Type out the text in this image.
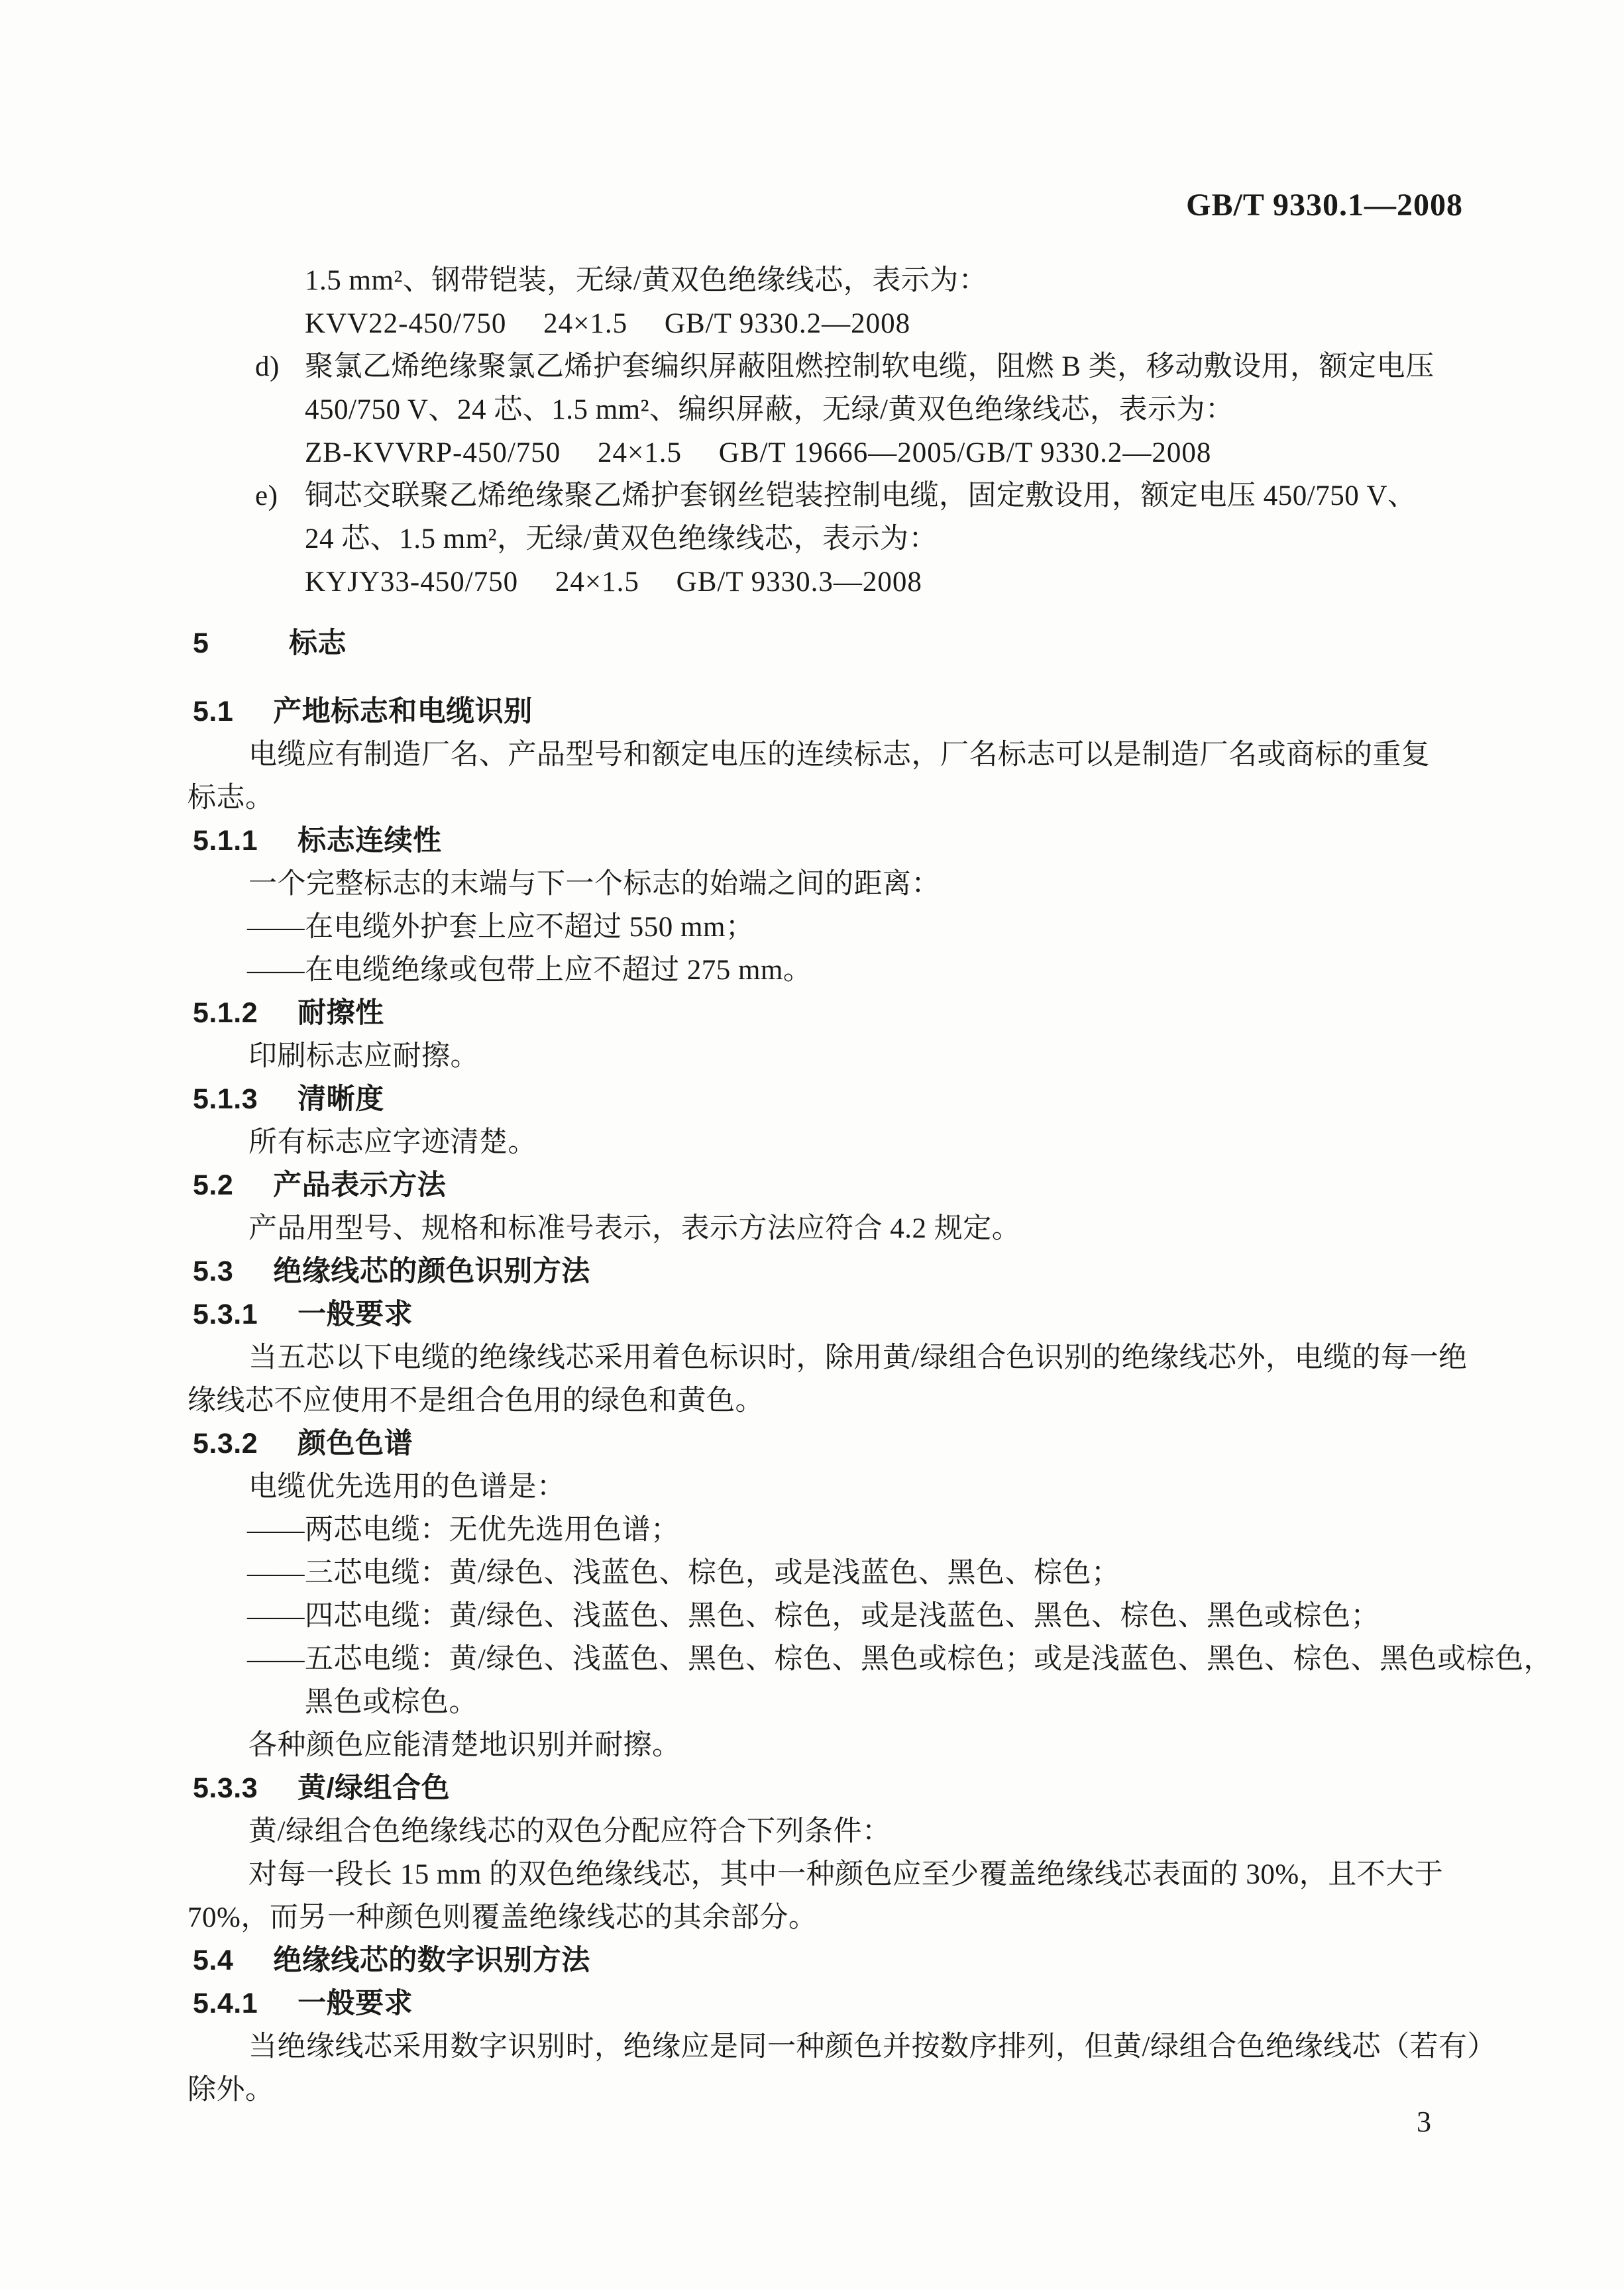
GB/T 9330.1—2008
1.5 mm²、钢带铠装，无绿/黄双色绝缘线芯，表示为：
KVV22-450/750　 24×1.5　 GB/T 9330.2—2008
d) 聚氯乙烯绝缘聚氯乙烯护套编织屏蔽阻燃控制软电缆，阻燃 B 类，移动敷设用，额定电压
450/750 V、24 芯、1.5 mm²、编织屏蔽，无绿/黄双色绝缘线芯，表示为：
ZB-KVVRP-450/750　 24×1.5　 GB/T 19666—2005/GB/T 9330.2—2008
e) 铜芯交联聚乙烯绝缘聚乙烯护套钢丝铠装控制电缆，固定敷设用，额定电压 450/750 V、
24 芯、1.5 mm²，无绿/黄双色绝缘线芯，表示为：
KYJY33-450/750　 24×1.5　 GB/T 9330.3—2008
5	标志
5.1 产地标志和电缆识别
电缆应有制造厂名、产品型号和额定电压的连续标志，厂名标志可以是制造厂名或商标的重复
标志。
5.1.1 标志连续性
一个完整标志的末端与下一个标志的始端之间的距离：
——在电缆外护套上应不超过 550 mm；
——在电缆绝缘或包带上应不超过 275 mm。
5.1.2 耐擦性
印刷标志应耐擦。
5.1.3 清晰度
所有标志应字迹清楚。
5.2 产品表示方法
产品用型号、规格和标准号表示，表示方法应符合 4.2 规定。
5.3 绝缘线芯的颜色识别方法
5.3.1 一般要求
当五芯以下电缆的绝缘线芯采用着色标识时，除用黄/绿组合色识别的绝缘线芯外，电缆的每一绝
缘线芯不应使用不是组合色用的绿色和黄色。
5.3.2 颜色色谱
电缆优先选用的色谱是：
——两芯电缆：无优先选用色谱；
——三芯电缆：黄/绿色、浅蓝色、棕色，或是浅蓝色、黑色、棕色；
——四芯电缆：黄/绿色、浅蓝色、黑色、棕色，或是浅蓝色、黑色、棕色、黑色或棕色；
——五芯电缆：黄/绿色、浅蓝色、黑色、棕色、黑色或棕色；或是浅蓝色、黑色、棕色、黑色或棕色，
黑色或棕色。
各种颜色应能清楚地识别并耐擦。
5.3.3 黄/绿组合色
黄/绿组合色绝缘线芯的双色分配应符合下列条件：
对每一段长 15 mm 的双色绝缘线芯，其中一种颜色应至少覆盖绝缘线芯表面的 30%，且不大于
70%，而另一种颜色则覆盖绝缘线芯的其余部分。
5.4 绝缘线芯的数字识别方法
5.4.1 一般要求
当绝缘线芯采用数字识别时，绝缘应是同一种颜色并按数序排列，但黄/绿组合色绝缘线芯（若有）
除外。
3
